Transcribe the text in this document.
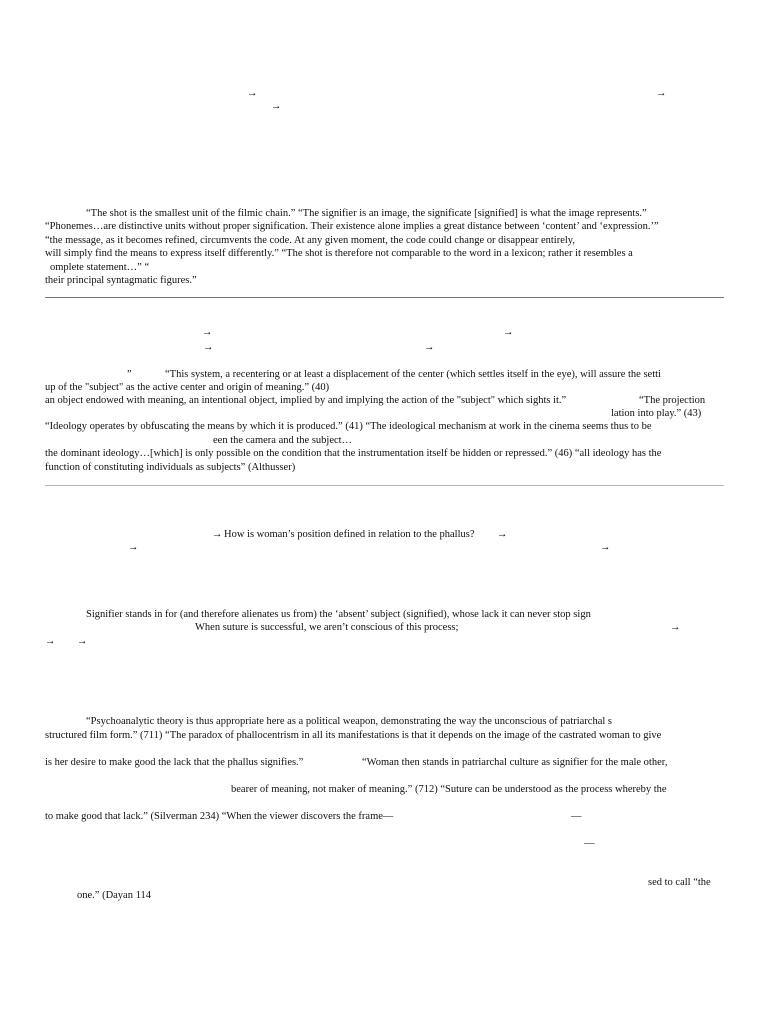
→	→
→
“The shot is the smallest unit of the filmic chain.” “The signifier is an image, the significate [signified] is what the image represents.”
“Phonemes…are distinctive units without proper signification. Their existence alone implies a great distance between ‘content’ and ‘expression.’”
“the message, as it becomes refined, circumvents the code. At any given moment, the code could change or disappear entirely,
will simply find the means to express itself differently.” “The shot is therefore not comparable to the word in a lexicon; rather it resembles a
omplete statement…” “
their principal syntagmatic figures.”
→	→
→	→
”	“This system, a recentering or at least a displacement of the center (which settles itself in the eye), will assure the setti
up of the "subject" as the active center and origin of meaning.” (40)
an object endowed with meaning, an intentional object, implied by and implying the action of the "subject" which sights it.”	“The projection
lation into play.” (43)
“Ideology operates by obfuscating the means by which it is produced.” (41) “The ideological mechanism at work in the cinema seems thus to be
een the camera and the subject…
the dominant ideology…[which] is only possible on the condition that the instrumentation itself be hidden or repressed.” (46) “all ideology has the
function of constituting individuals as subjects” (Althusser)
→ How is woman’s position defined in relation to the phallus? →
→	→
Signifier stands in for (and therefore alienates us from) the ‘absent’ subject (signified), whose lack it can never stop sign
When suture is successful, we aren’t conscious of this process;	→
→ →
“Psychoanalytic theory is thus appropriate here as a political weapon, demonstrating the way the unconscious of patriarchal s
structured film form.” (711) “The paradox of phallocentrism in all its manifestations is that it depends on the image of the castrated woman to give
is her desire to make good the lack that the phallus signifies.”	“Woman then stands in patriarchal culture as signifier for the male other,
bearer of meaning, not maker of meaning.” (712) “Suture can be understood as the process whereby the
to make good that lack.” (Silverman 234) “When the viewer discovers the frame—	—
—
sed to call “the
one.” (Dayan 114
